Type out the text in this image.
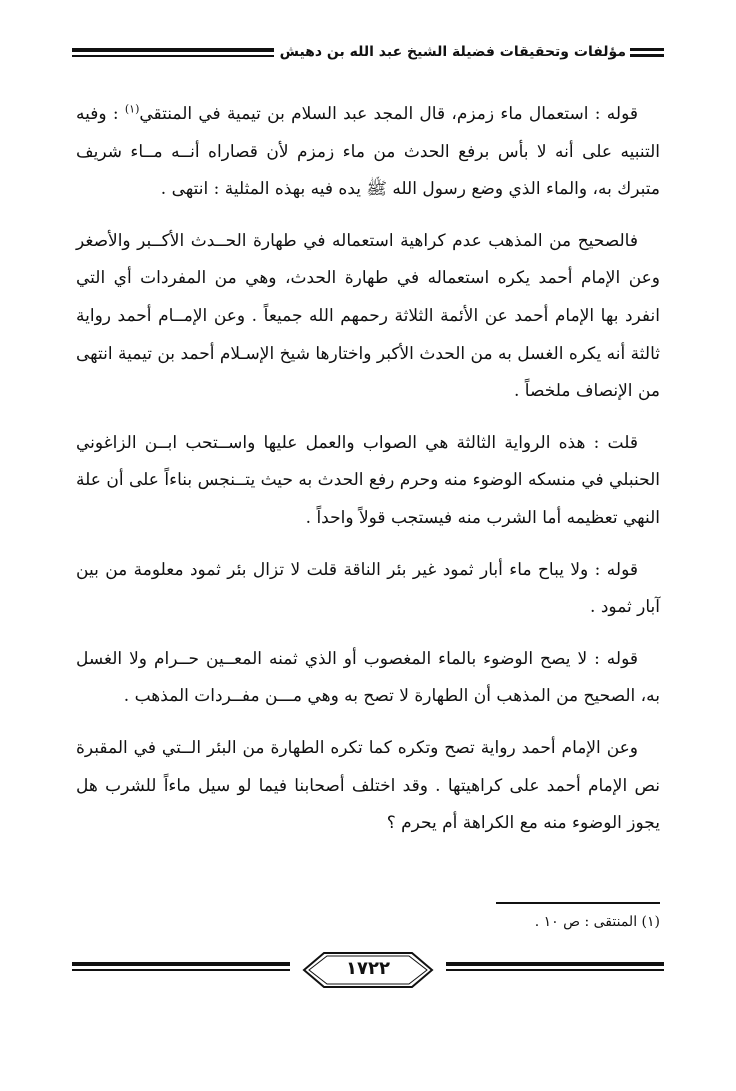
مؤلفات وتحقيقات فضيلة الشيخ عبد الله بن دهيش

قوله : استعمال ماء زمزم، قال المجد عبد السلام بن تيمية في المنتقي$^{(١)}$ : وفيه التنبيه على أنه لا بأس برفع الحدث من ماء زمزم لأن قصاراه أنــه مــاء شريف متبرك به، والماء الذي وضع رسول الله ﷺ يده فيه بهذه المثلية : انتهى .

فالصحيح من المذهب عدم كراهية استعماله في طهارة الحــدث الأكــبر والأصغر وعن الإمام أحمد يكره استعماله في طهارة الحدث، وهي من المفردات أي التي انفرد بها الإمام أحمد عن الأئمة الثلاثة رحمهم الله جميعاً . وعن الإمــام أحمد رواية ثالثة أنه يكره الغسل به من الحدث الأكبر واختارها شيخ الإسـلام أحمد بن تيمية انتهى من الإنصاف ملخصاً .

قلت : هذه الرواية الثالثة هي الصواب والعمل عليها واســتحب ابــن الزاغوني الحنبلي في منسكه الوضوء منه وحرم رفع الحدث به حيث يتــنجس بناءاً على أن علة النهي تعظيمه أما الشرب منه فيستجب قولاً واحداً .

قوله : ولا يباح ماء أبار ثمود غير بئر الناقة قلت لا تزال بئر ثمود معلومة من بين آبار ثمود .

قوله : لا يصح الوضوء بالماء المغصوب أو الذي ثمنه المعــين حــرام ولا الغسل به، الصحيح من المذهب أن الطهارة لا تصح به وهي مـــن مفــردات المذهب .

وعن الإمام أحمد رواية تصح وتكره كما تكره الطهارة من البئر الــتي في المقبرة نص الإمام أحمد على كراهيتها . وقد اختلف أصحابنا فيما لو سيل ماءاً للشرب هل يجوز الوضوء منه مع الكراهة أم يحرم ؟

(١) المنتقى : ص ١٠ .
١٧٢٢
